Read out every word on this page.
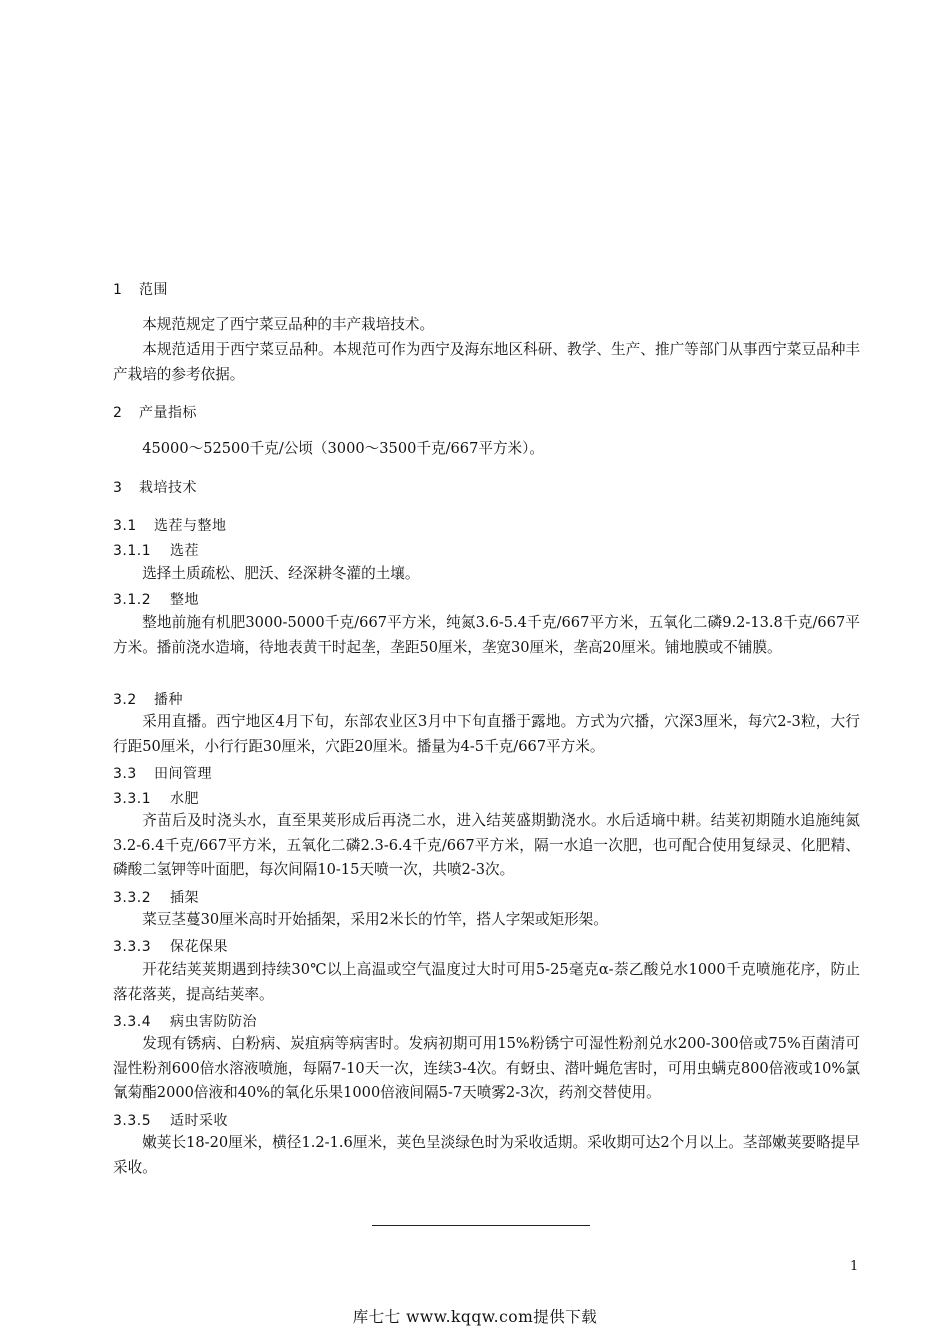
1 范围

本规范规定了西宁菜豆品种的丰产栽培技术。

本规范适用于西宁菜豆品种。本规范可作为西宁及海东地区科研、教学、生产、推广等部门从事西宁菜豆品种丰产栽培的参考依据。

2 产量指标

45000～52500千克/公顷（3000～3500千克/667平方米）。

3 栽培技术
3.1 选茬与整地
3.1.1 选茬

选择土质疏松、肥沃、经深耕冬灌的土壤。

3.1.2 整地

整地前施有机肥3000-5000千克/667平方米，纯氮3.6-5.4千克/667平方米，五氧化二磷9.2-13.8千克/667平方米。播前浇水造墒，待地表黄干时起垄，垄距50厘米，垄宽30厘米，垄高20厘米。铺地膜或不铺膜。

3.2 播种

采用直播。西宁地区4月下旬，东部农业区3月中下旬直播于露地。方式为穴播，穴深3厘米，每穴2-3粒，大行行距50厘米，小行行距30厘米，穴距20厘米。播量为4-5千克/667平方米。

3.3 田间管理
3.3.1 水肥

齐苗后及时浇头水，直至果荚形成后再浇二水，进入结荚盛期勤浇水。水后适墒中耕。结荚初期随水追施纯氮3.2-6.4千克/667平方米，五氧化二磷2.3-6.4千克/667平方米，隔一水追一次肥，也可配合使用复绿灵、化肥精、磷酸二氢钾等叶面肥，每次间隔10-15天喷一次，共喷2-3次。

3.3.2 插架

菜豆茎蔓30厘米高时开始插架，采用2米长的竹竿，搭人字架或矩形架。

3.3.3 保花保果

开花结荚荚期遇到持续30℃以上高温或空气温度过大时可用5-25毫克α-萘乙酸兑水1000千克喷施花序，防止落花落荚，提高结荚率。

3.3.4 病虫害防防治

发现有锈病、白粉病、炭疽病等病害时。发病初期可用15%粉锈宁可湿性粉剂兑水200-300倍或75%百菌清可湿性粉剂600倍水溶液喷施，每隔7-10天一次，连续3-4次。有蚜虫、潜叶蝇危害时，可用虫螨克800倍液或10%氯氰菊酯2000倍液和40%的氧化乐果1000倍液间隔5-7天喷雾2-3次，药剂交替使用。

3.3.5 适时采收

嫩荚长18-20厘米，横径1.2-1.6厘米，荚色呈淡绿色时为采收适期。采收期可达2个月以上。茎部嫩荚要略提早采收。

1
库七七 www.kqqw.com提供下载
